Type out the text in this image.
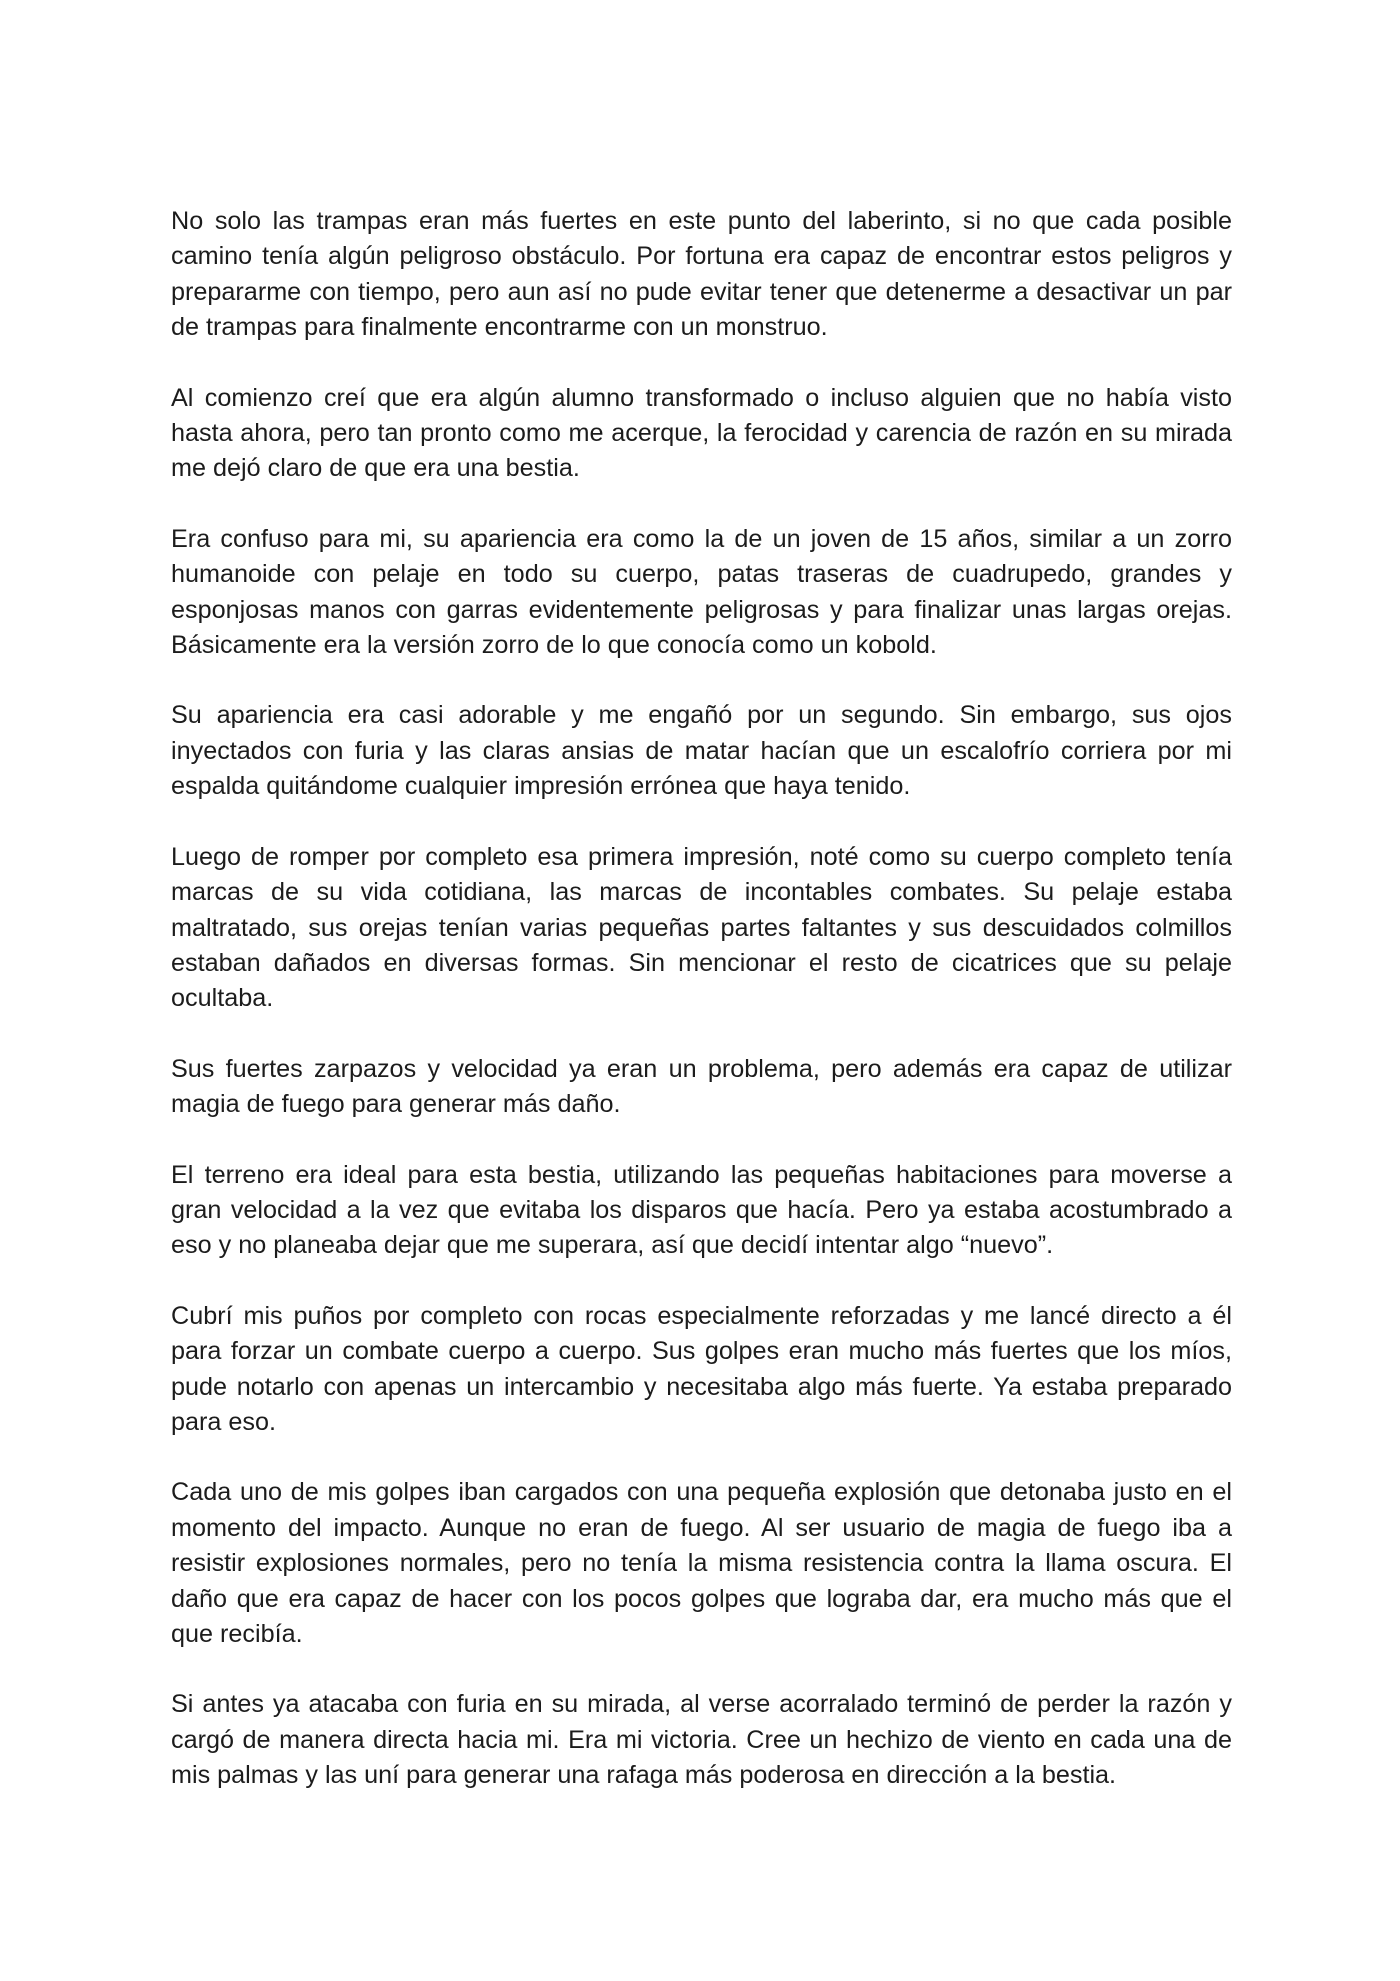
No solo las trampas eran más fuertes en este punto del laberinto, si no que cada posible camino tenía algún peligroso obstáculo. Por fortuna era capaz de encontrar estos peligros y prepararme con tiempo, pero aun así no pude evitar tener que detenerme a desactivar un par de trampas para finalmente encontrarme con un monstruo.

Al comienzo creí que era algún alumno transformado o incluso alguien que no había visto hasta ahora, pero tan pronto como me acerque, la ferocidad y carencia de razón en su mirada me dejó claro de que era una bestia.

Era confuso para mi, su apariencia era como la de un joven de 15 años, similar a un zorro humanoide con pelaje en todo su cuerpo, patas traseras de cuadrupedo, grandes y esponjosas manos con garras evidentemente peligrosas y para finalizar unas largas orejas. Básicamente era la versión zorro de lo que conocía como un kobold.

Su apariencia era casi adorable y me engañó por un segundo. Sin embargo, sus ojos inyectados con furia y las claras ansias de matar hacían que un escalofrío corriera por mi espalda quitándome cualquier impresión errónea que haya tenido.

Luego de romper por completo esa primera impresión, noté como su cuerpo completo tenía marcas de su vida cotidiana, las marcas de incontables combates. Su pelaje estaba maltratado, sus orejas tenían varias pequeñas partes faltantes y sus descuidados colmillos estaban dañados en diversas formas. Sin mencionar el resto de cicatrices que su pelaje ocultaba.

Sus fuertes zarpazos y velocidad ya eran un problema, pero además era capaz de utilizar magia de fuego para generar más daño.

El terreno era ideal para esta bestia, utilizando las pequeñas habitaciones para moverse a gran velocidad a la vez que evitaba los disparos que hacía. Pero ya estaba acostumbrado a eso y no planeaba dejar que me superara, así que decidí intentar algo “nuevo”.

Cubrí mis puños por completo con rocas especialmente reforzadas y me lancé directo a él para forzar un combate cuerpo a cuerpo. Sus golpes eran mucho más fuertes que los míos, pude notarlo con apenas un intercambio y necesitaba algo más fuerte. Ya estaba preparado para eso.

Cada uno de mis golpes iban cargados con una pequeña explosión que detonaba justo en el momento del impacto. Aunque no eran de fuego. Al ser usuario de magia de fuego iba a resistir explosiones normales, pero no tenía la misma resistencia contra la llama oscura. El daño que era capaz de hacer con los pocos golpes que lograba dar, era mucho más que el que recibía.

Si antes ya atacaba con furia en su mirada, al verse acorralado terminó de perder la razón y cargó de manera directa hacia mi. Era mi victoria. Cree un hechizo de viento en cada una de mis palmas y las uní para generar una rafaga más poderosa en dirección a la bestia.
